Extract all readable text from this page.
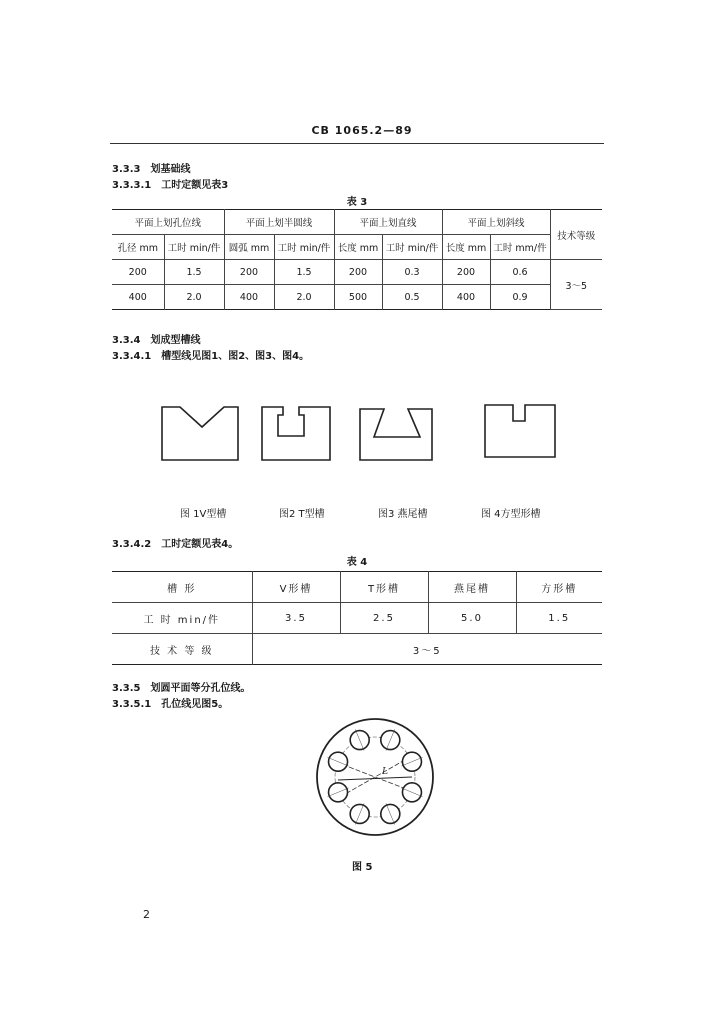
CB 1065.2—89
3.3.3 划基础线
3.3.3.1 工时定额见表3
表 3
平面上划孔位线		平面上划半圆线		平面上划直线		平面上划斜线		技术等级
孔径 mm	工时 min/件	圆弧 mm	工时 min/件	长度 mm	工时 min/件	长度 mm	工时 mm/件	
200	1.5	200	1.5	200	0.3	200	0.6	3～5
400	2.0	400	2.0	500	0.5	400	0.9	
3.3.4 划成型槽线
3.3.4.1 槽型线见图1、图2、图3、图4。
图 1V型槽	图2 T型槽	图3 燕尾槽	图 4方型形槽
3.3.4.2 工时定额见表4。
表 4
槽 形	V形槽	T形槽	燕尾槽	方形槽
工 时 min/件	3.5	2.5	5.0	1.5
技 术 等 级	3～5			
3.3.5 划圆平面等分孔位线。
3.3.5.1 孔位线见图5。
L
图 5
2
